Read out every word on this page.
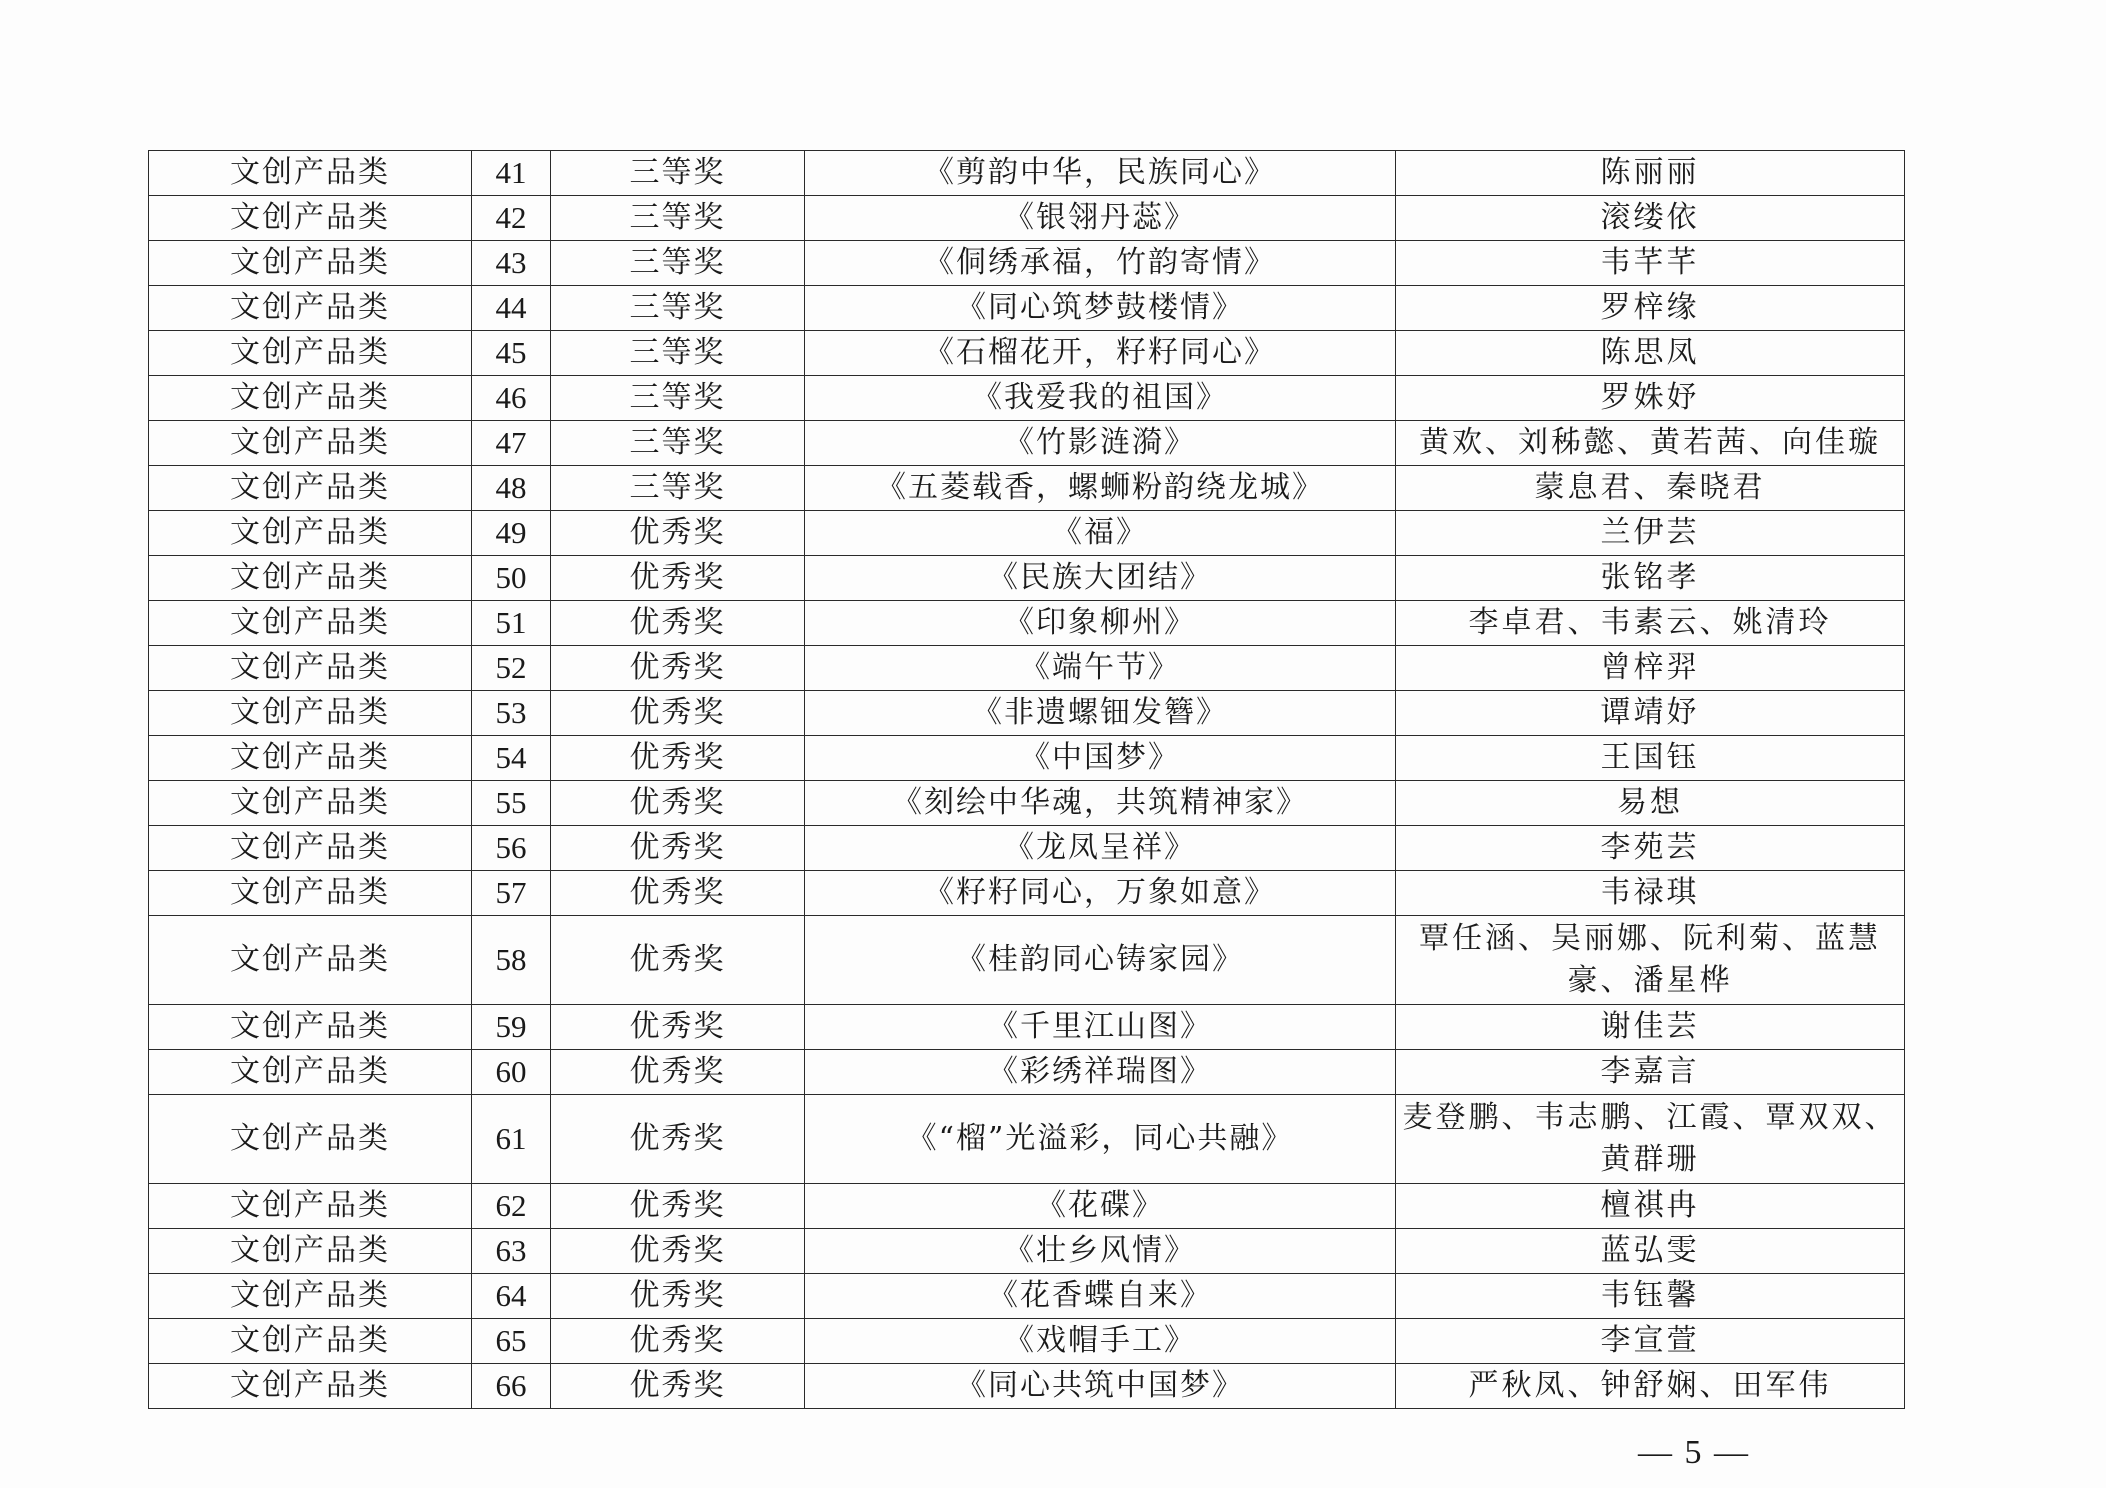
文创产品类	41	三等奖	《剪韵中华，民族同心》	陈丽丽
文创产品类	42	三等奖	《银翎丹蕊》	滚缕依
文创产品类	43	三等奖	《侗绣承福，竹韵寄情》	韦芊芊
文创产品类	44	三等奖	《同心筑梦鼓楼情》	罗梓缘
文创产品类	45	三等奖	《石榴花开，籽籽同心》	陈思凤
文创产品类	46	三等奖	《我爱我的祖国》	罗姝妤
文创产品类	47	三等奖	《竹影涟漪》	黄欢、刘秭懿、黄若茜、向佳璇
文创产品类	48	三等奖	《五菱载香，螺蛳粉韵绕龙城》	蒙息君、秦晓君
文创产品类	49	优秀奖	《福》	兰伊芸
文创产品类	50	优秀奖	《民族大团结》	张铭孝
文创产品类	51	优秀奖	《印象柳州》	李卓君、韦素云、姚清玲
文创产品类	52	优秀奖	《端午节》	曾梓羿
文创产品类	53	优秀奖	《非遗螺钿发簪》	谭靖妤
文创产品类	54	优秀奖	《中国梦》	王国钰
文创产品类	55	优秀奖	《刻绘中华魂，共筑精神家》	易想
文创产品类	56	优秀奖	《龙凤呈祥》	李苑芸
文创产品类	57	优秀奖	《籽籽同心，万象如意》	韦禄琪
文创产品类	58	优秀奖	《桂韵同心铸家园》	覃任涵、吴丽娜、阮利菊、蓝慧豪、潘星桦
文创产品类	59	优秀奖	《千里江山图》	谢佳芸
文创产品类	60	优秀奖	《彩绣祥瑞图》	李嘉言
文创产品类	61	优秀奖	《“榴”光溢彩，同心共融》	麦登鹏、韦志鹏、江霞、覃双双、黄群珊
文创产品类	62	优秀奖	《花碟》	檀祺冉
文创产品类	63	优秀奖	《壮乡风情》	蓝弘雯
文创产品类	64	优秀奖	《花香蝶自来》	韦钰馨
文创产品类	65	优秀奖	《戏帽手工》	李宣萱
文创产品类	66	优秀奖	《同心共筑中国梦》	严秋凤、钟舒娴、田军伟
— 5 —
